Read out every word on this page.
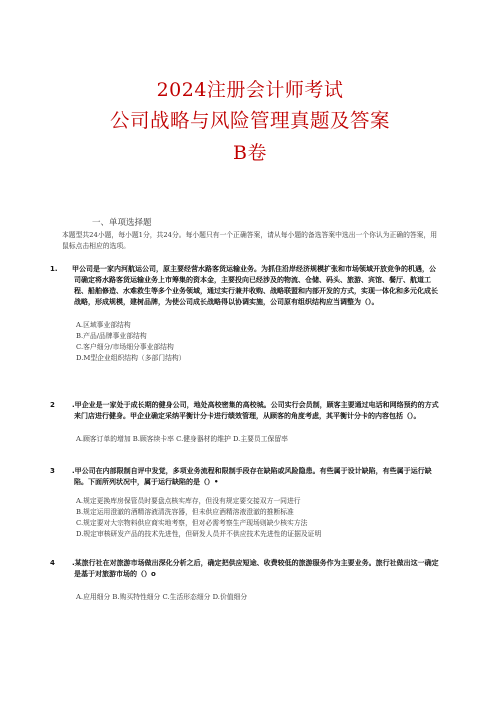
2024注册会计师考试
公司战略与风险管理真题及答案
B卷
一、单项选择题
本题型共24小题，每小题1分，共24分。每小题只有一个正确答案，请从每小题的备选答案中选出一个你认为正确的答案，用鼠标点击相应的选项。
1. 甲公司是一家内河航运公司，原主要经营水路客货运输业务。为抓住沿岸经济规模扩张和市场领域开放竞争的机遇，公司确定将水路客货运输业务上市筹集的资本金，主要投向已经涉及的物流、仓储、码头、旅游、宾馆、餐厅、航道工程、船舶修造、水难救生等多个业务领域，通过实行兼并收购、战略联盟和内部开发的方式，实现一体化和多元化成长战略，形成规模，建树品牌，为使公司成长战略得以协调实施，公司原有组织结构应当调整为（）。
A.区域事业部结构
B.产品/品牌事业部结构
C.客户细分/市场细分事业部结构
D.M型企业组织结构（多部门结构）
2 .甲企业是一家处于成长期的健身公司，地处高校密集的高校城。公司实行会员制，顾客主要通过电话和网络预约的方式来门店进行健身。甲企业确定采纳平衡计分卡进行绩效管理，从顾客的角度考虑，其平衡计分卡的内容包括（）。
A.顾客订单的增加 B.顾客续卡率 C.健身器材的维护 D.主要员工保留率
3 .甲公司在内部限制自评中发觉，多项业务流程和限制手段存在缺陷或风险隐患。有些属于设计缺陷，有些属于运行缺陷。下面所列状况中，属于运行缺陷的是（）•
A.规定更换库房保管员时要盘点核实库存，但没有规定要交接双方一同进行
B.规定运用澄澈的酒精溶液清洗容器，但未供应酒精溶液澄澈的推断标准
C.规定要对大宗物料供应商实地考察，但对必需考察生产现场则缺少核实方法
D.规定审核研发产品的技术先进性，但研发人员并不供应技术先进性的证据及证明
4 .某旅行社在对旅游市场做出深化分析之后，确定把供应短途、收费较低的旅游服务作为主要业务。旅行社做出这一确定是基于对旅游市场的（）o
A.应用细分 B.购买特性细分 C.生活形态细分 D.价值细分
